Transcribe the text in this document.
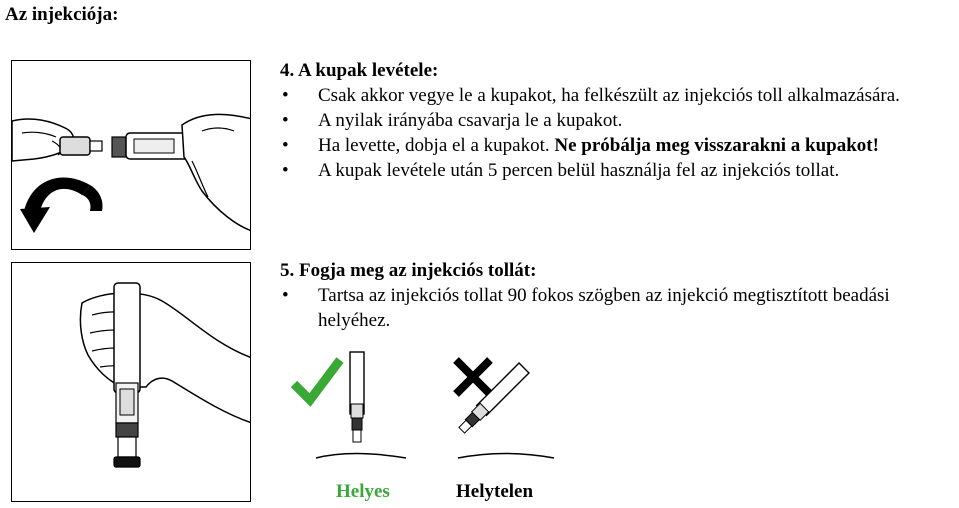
Az injekciója:

4. A kupak levétele:

•	Csak akkor vegye le a kupakot, ha felkészült az injekciós toll alkalmazására.
•	A nyilak irányába csavarja le a kupakot.
•	Ha levette, dobja el a kupakot. Ne próbálja meg visszarakni a kupakot!
•	A kupak levétele után 5 percen belül használja fel az injekciós tollat.

5. Fogja meg az injekciós tollát:

•	Tartsa az injekciós tollat 90 fokos szögben az injekció megtisztított beadási helyéhez.
Helyes	Helytelen
